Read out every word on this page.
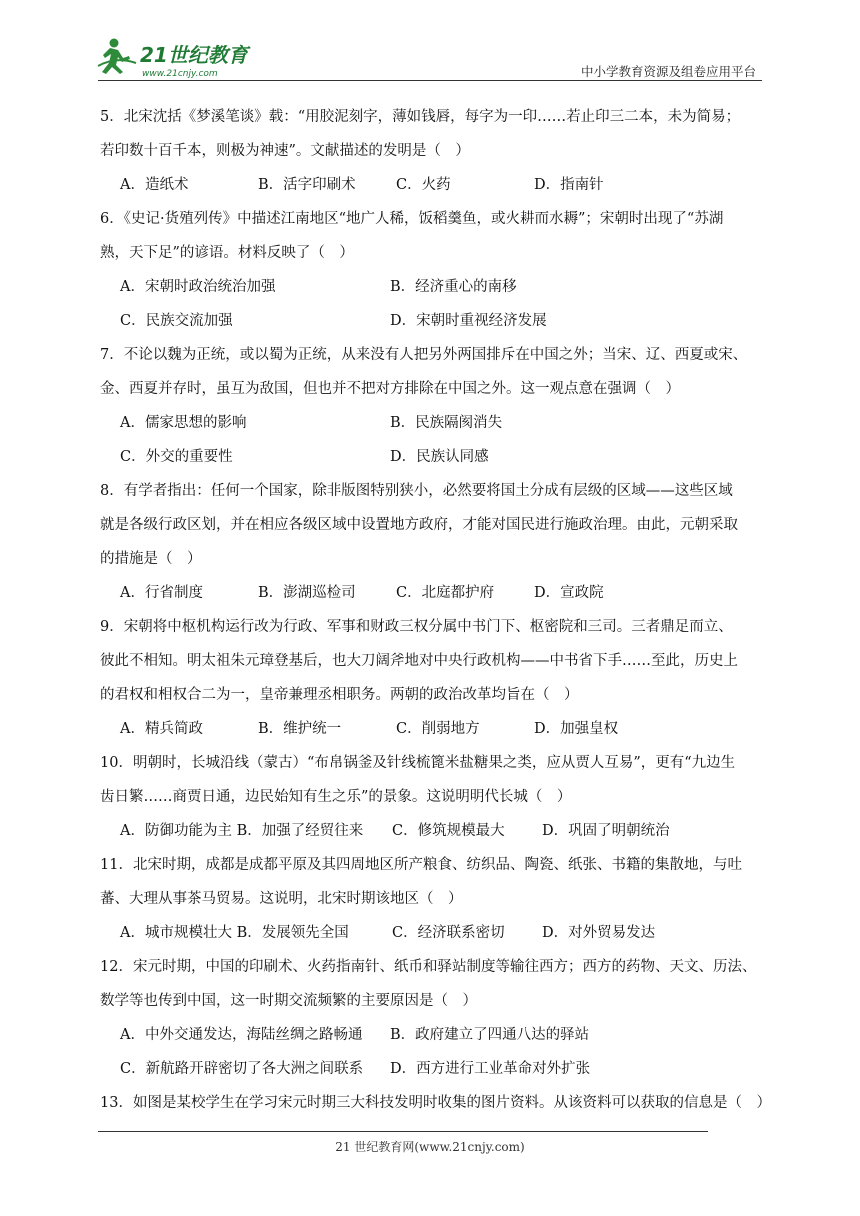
21世纪教育
www.21cnjy.com	中小学教育资源及组卷应用平台

5．北宋沈括《梦溪笔谈》载：“用胶泥刻字，薄如钱唇，每字为一印……若止印三二本，未为简易；

若印数十百千本，则极为神速”。文献描述的发明是（　）

A．造纸术	B．活字印刷术	C．火药	D．指南针

6．《史记·货殖列传》中描述江南地区“地广人稀，饭稻羹鱼，或火耕而水耨”；宋朝时出现了“苏湖

熟，天下足”的谚语。材料反映了（　）

A．宋朝时政治统治加强	B．经济重心的南移
C．民族交流加强	D．宋朝时重视经济发展

7．不论以魏为正统，或以蜀为正统，从来没有人把另外两国排斥在中国之外；当宋、辽、西夏或宋、

金、西夏并存时，虽互为敌国，但也并不把对方排除在中国之外。这一观点意在强调（　）

A．儒家思想的影响	B．民族隔阂消失
C．外交的重要性	D．民族认同感

8．有学者指出：任何一个国家，除非版图特别狭小，必然要将国土分成有层级的区域——这些区域

就是各级行政区划，并在相应各级区域中设置地方政府，才能对国民进行施政治理。由此，元朝采取

的措施是（　）

A．行省制度	B．澎湖巡检司	C．北庭都护府	D．宣政院

9．宋朝将中枢机构运行改为行政、军事和财政三权分属中书门下、枢密院和三司。三者鼎足而立、

彼此不相知。明太祖朱元璋登基后，也大刀阔斧地对中央行政机构——中书省下手……至此，历史上

的君权和相权合二为一，皇帝兼理丞相职务。两朝的政治改革均旨在（　）

A．精兵简政	B．维护统一	C．削弱地方	D．加强皇权

10．明朝时，长城沿线（蒙古）“布帛锅釜及针线梳篦米盐糖果之类，应从贾人互易”，更有“九边生

齿日繁……商贾日通，边民始知有生之乐”的景象。这说明明代长城（　）

A．防御功能为主 B．加强了经贸往来	C．修筑规模最大	D．巩固了明朝统治

11．北宋时期，成都是成都平原及其四周地区所产粮食、纺织品、陶瓷、纸张、书籍的集散地，与吐

蕃、大理从事茶马贸易。这说明，北宋时期该地区（　）

A．城市规模壮大 B．发展领先全国	C．经济联系密切	D．对外贸易发达

12．宋元时期，中国的印刷术、火药指南针、纸币和驿站制度等输往西方；西方的药物、天文、历法、

数学等也传到中国，这一时期交流频繁的主要原因是（　）

A．中外交通发达，海陆丝绸之路畅通	B．政府建立了四通八达的驿站
C．新航路开辟密切了各大洲之间联系	D．西方进行工业革命对外扩张

13．如图是某校学生在学习宋元时期三大科技发明时收集的图片资料。从该资料可以获取的信息是（　）

21 世纪教育网(www.21cnjy.com)
